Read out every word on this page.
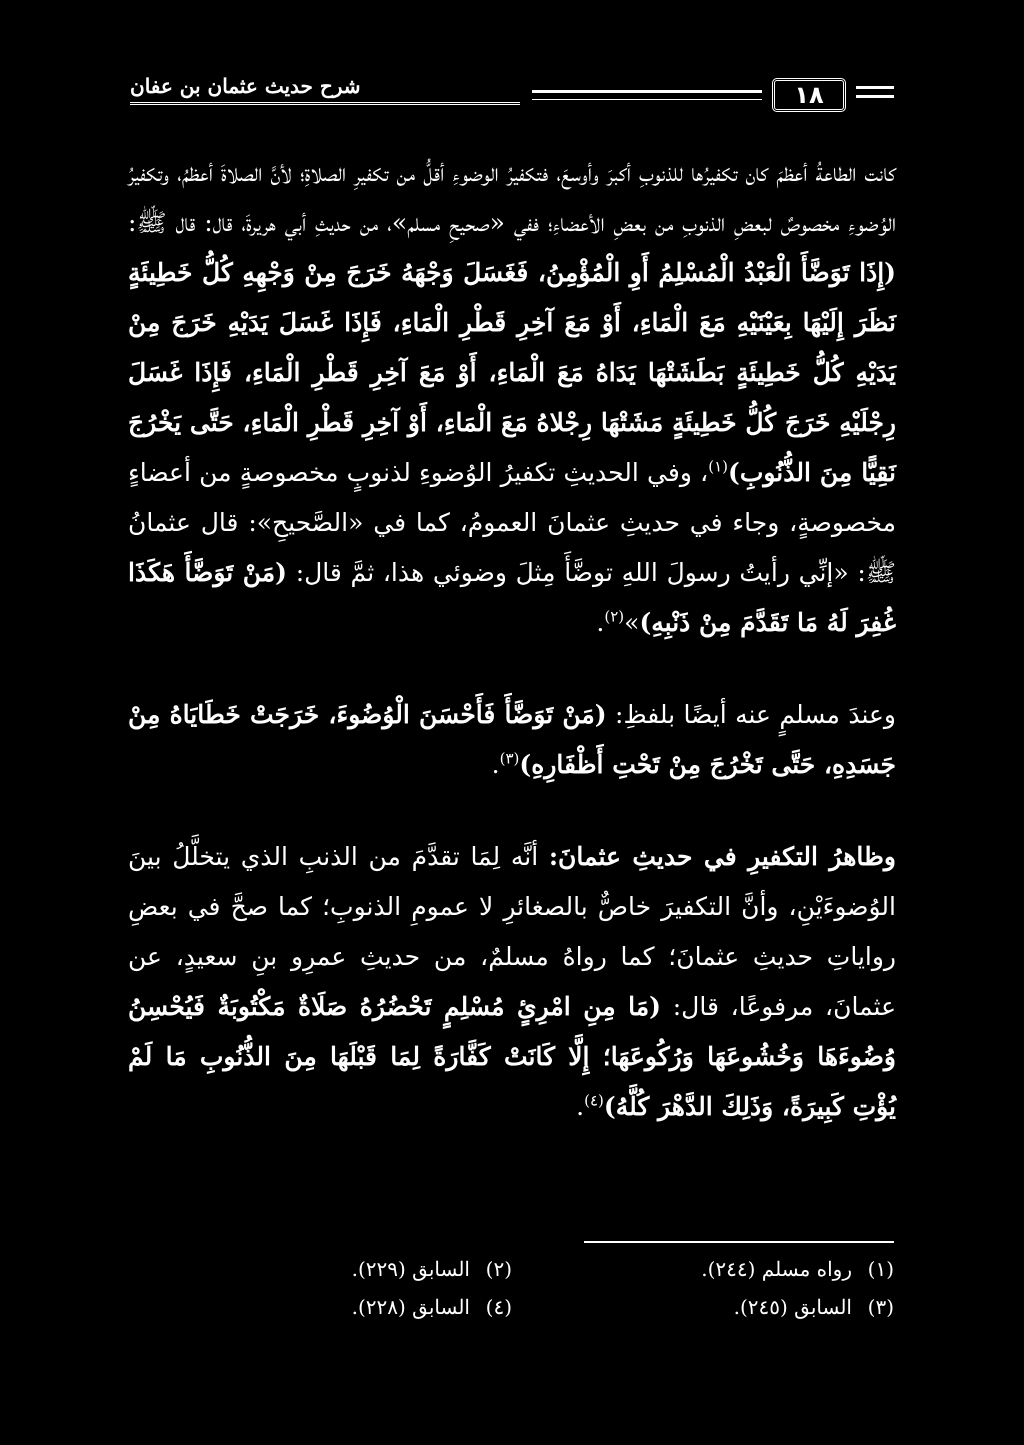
١٨
شرح حديث عثمان بن عفان

كانت الطاعةُ أعظمَ كان تكفيرُها للذنوبِ أكبرَ وأوسعَ، فتكفيرُ الوضوءِ أقلُّ من تكفيرِ الصلاةِ؛ لأنَّ الصلاةَ أعظمُ، وتكفيرُ الوُضوءِ مخصوصٌ لبعضِ الذنوبِ من بعضِ الأعضاءِ؛ ففي «صحيحِ مسلم»، من حديثِ أبي هريرةَ، قال: قال ﷺ: (إِذَا تَوَضَّأَ الْعَبْدُ الْمُسْلِمُ أَوِ الْمُؤْمِنُ، فَغَسَلَ وَجْهَهُ خَرَجَ مِنْ وَجْهِهِ كُلُّ خَطِيئَةٍ نَظَرَ إِلَيْهَا بِعَيْنَيْهِ مَعَ الْمَاءِ، أَوْ مَعَ آخِرِ قَطْرِ الْمَاءِ، فَإِذَا غَسَلَ يَدَيْهِ خَرَجَ مِنْ يَدَيْهِ كُلُّ خَطِيئَةٍ بَطَشَتْهَا يَدَاهُ مَعَ الْمَاءِ، أَوْ مَعَ آخِرِ قَطْرِ الْمَاءِ، فَإِذَا غَسَلَ رِجْلَيْهِ خَرَجَ كُلُّ خَطِيئَةٍ مَشَتْهَا رِجْلاهُ مَعَ الْمَاءِ، أَوْ آخِرِ قَطْرِ الْمَاءِ، حَتَّى يَخْرُجَ نَقِيًّا مِنَ الذُّنُوبِ)$^{(١)}$، وفي الحديثِ تكفيرُ الوُضوءِ لذنوبٍ مخصوصةٍ من أعضاءٍ مخصوصةٍ، وجاء في حديثِ عثمانَ العمومُ، كما في «الصَّحيحِ»: قال عثمانُ ﷺ: «إنِّي رأيتُ رسولَ اللهِ توضَّأَ مِثلَ وضوئي هذا، ثمَّ قال: (مَنْ تَوَضَّأَ هَكَذَا غُفِرَ لَهُ مَا تَقَدَّمَ مِنْ ذَنْبِهِ)»$^{(٢)}$.

وعندَ مسلمٍ عنه أيضًا بلفظِ: (مَنْ تَوَضَّأَ فَأَحْسَنَ الْوُضُوءَ، خَرَجَتْ خَطَايَاهُ مِنْ جَسَدِهِ، حَتَّى تَخْرُجَ مِنْ تَحْتِ أَظْفَارِهِ)$^{(٣)}$.

وظاهرُ التكفيرِ في حديثِ عثمانَ: أنَّه لِمَا تقدَّمَ من الذنبِ الذي يتخلَّلُ بينَ الوُضوءَيْنِ، وأنَّ التكفيرَ خاصٌّ بالصغائرِ لا عمومِ الذنوبِ؛ كما صحَّ في بعضِ رواياتِ حديثِ عثمانَ؛ كما رواهُ مسلمٌ، من حديثِ عمرِو بنِ سعيدٍ، عن عثمانَ، مرفوعًا، قال: (مَا مِنِ امْرِئٍ مُسْلِمٍ تَحْضُرُهُ صَلَاةٌ مَكْتُوبَةٌ فَيُحْسِنُ وُضُوءَهَا وَخُشُوعَهَا وَرُكُوعَهَا؛ إِلَّا كَانَتْ كَفَّارَةً لِمَا قَبْلَهَا مِنَ الذُّنُوبِ مَا لَمْ يُؤْتِ كَبِيرَةً، وَذَلِكَ الدَّهْرَ كُلَّهُ)$^{(٤)}$.

(١)رواه مسلم (٢٤٤).
(٢)السابق (٢٢٩).
(٣)السابق (٢٤٥).
(٤)السابق (٢٢٨).
